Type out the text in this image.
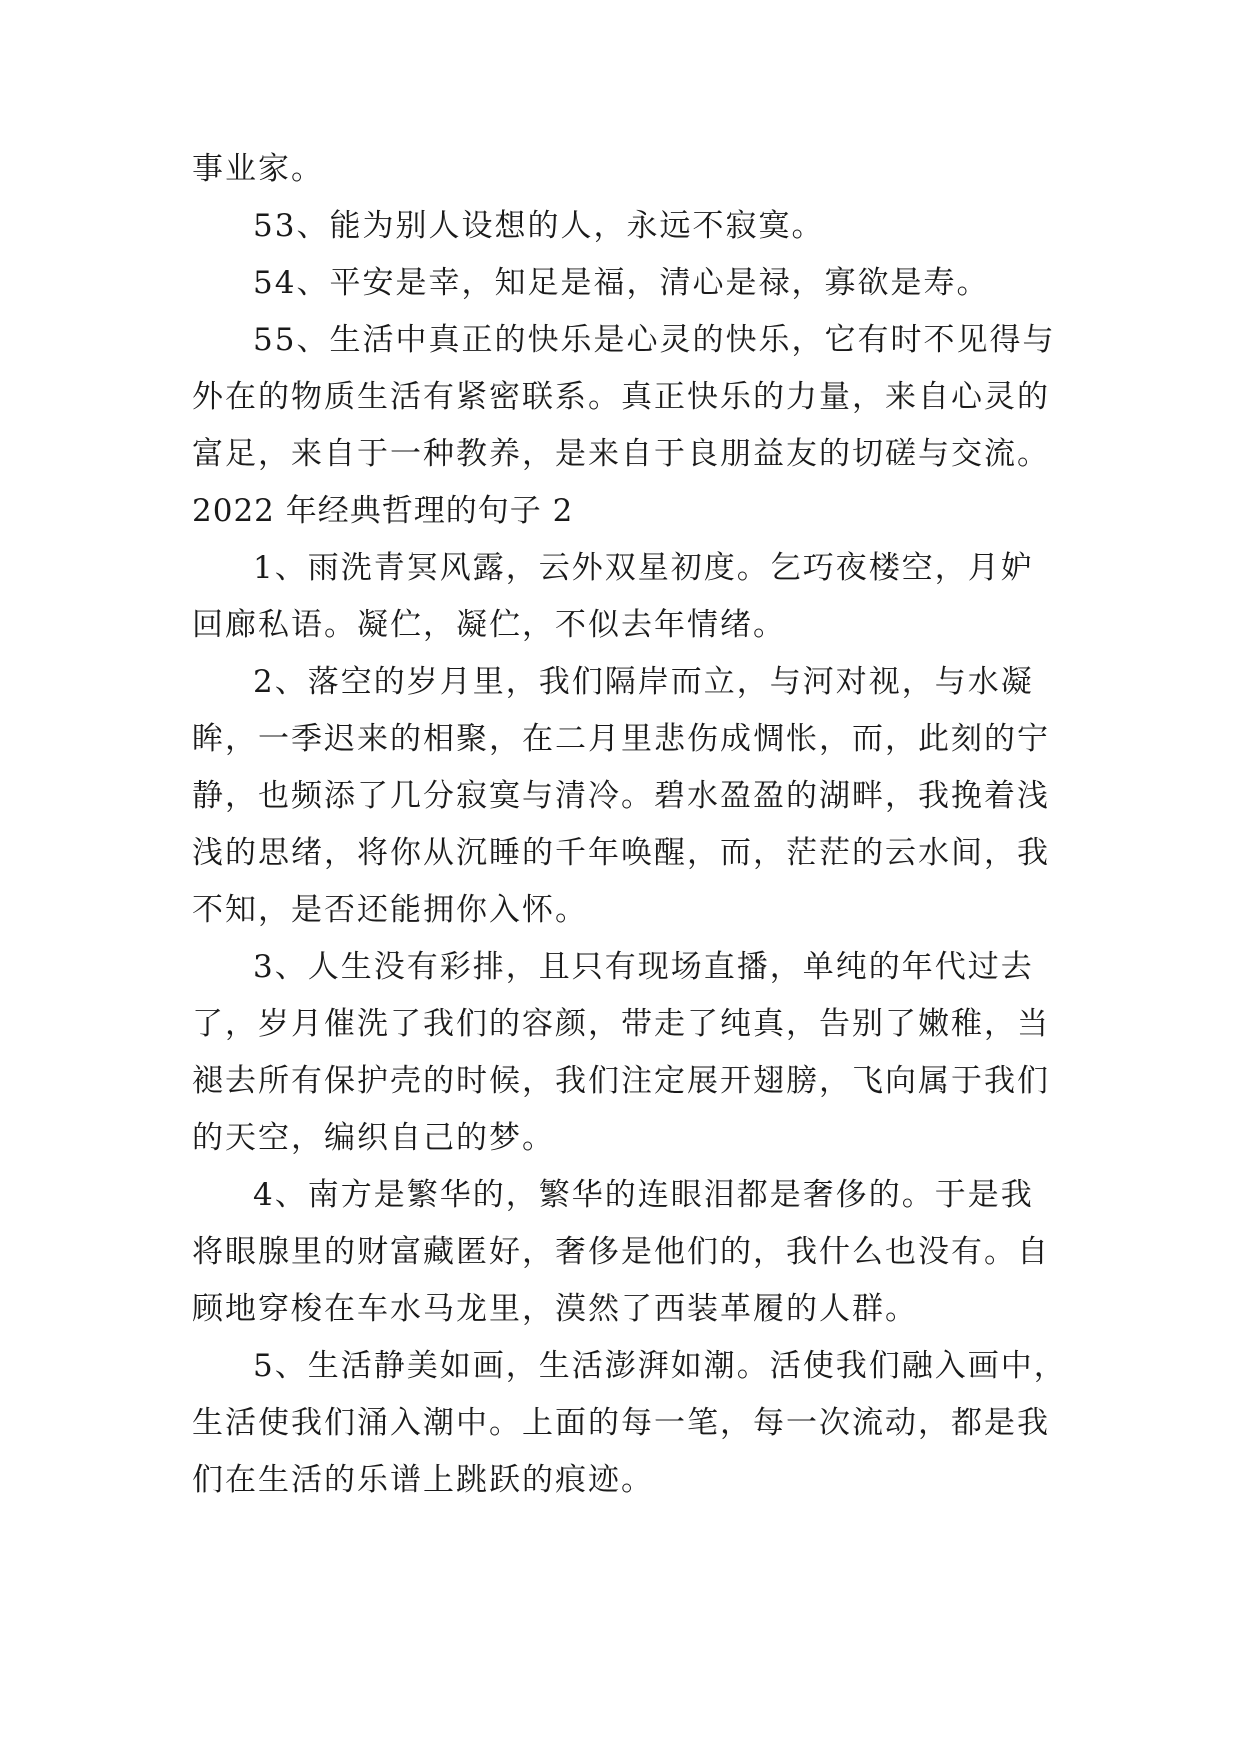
事业家。
53、能为别人设想的人，永远不寂寞。
54、平安是幸，知足是福，清心是禄，寡欲是寿。
55、生活中真正的快乐是心灵的快乐，它有时不见得与
外在的物质生活有紧密联系。真正快乐的力量，来自心灵的
富足，来自于一种教养，是来自于良朋益友的切磋与交流。
2022 年经典哲理的句子 2
1、雨洗青冥风露，云外双星初度。乞巧夜楼空，月妒
回廊私语。凝伫，凝伫，不似去年情绪。
2、落空的岁月里，我们隔岸而立，与河对视，与水凝
眸，一季迟来的相聚，在二月里悲伤成惆怅，而，此刻的宁
静，也频添了几分寂寞与清冷。碧水盈盈的湖畔，我挽着浅
浅的思绪，将你从沉睡的千年唤醒，而，茫茫的云水间，我
不知，是否还能拥你入怀。
3、人生没有彩排，且只有现场直播，单纯的年代过去
了，岁月催洗了我们的容颜，带走了纯真，告别了嫩稚，当
褪去所有保护壳的时候，我们注定展开翅膀，飞向属于我们
的天空，编织自己的梦。
4、南方是繁华的，繁华的连眼泪都是奢侈的。于是我
将眼腺里的财富藏匿好，奢侈是他们的，我什么也没有。自
顾地穿梭在车水马龙里，漠然了西装革履的人群。
5、生活静美如画，生活澎湃如潮。活使我们融入画中，
生活使我们涌入潮中。上面的每一笔，每一次流动，都是我
们在生活的乐谱上跳跃的痕迹。
